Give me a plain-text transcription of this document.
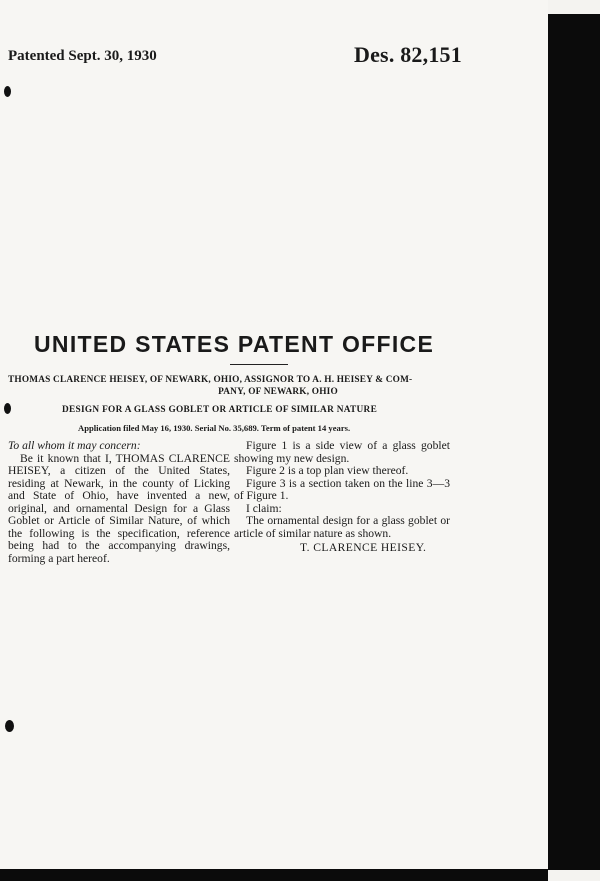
Patented Sept. 30, 1930	Des. 82,151
UNITED STATES PATENT OFFICE
THOMAS CLARENCE HEISEY, OF NEWARK, OHIO, ASSIGNOR TO A. H. HEISEY & COM-
PANY, OF NEWARK, OHIO
DESIGN FOR A GLASS GOBLET OR ARTICLE OF SIMILAR NATURE
Application filed May 16, 1930. Serial No. 35,689. Term of patent 14 years.
To all whom it may concern:
Be it known that I, THOMAS CLARENCE HEISEY, a citizen of the United States, residing at Newark, in the county of Licking and State of Ohio, have invented a new, original, and ornamental Design for a Glass Goblet or Article of Similar Nature, of which the following is the specification, reference being had to the accompanying drawings, forming a part hereof.
Figure 1 is a side view of a glass goblet showing my new design.
Figure 2 is a top plan view thereof.
Figure 3 is a section taken on the line 3—3 of Figure 1.
I claim:
The ornamental design for a glass goblet or article of similar nature as shown.
T. CLARENCE HEISEY.
